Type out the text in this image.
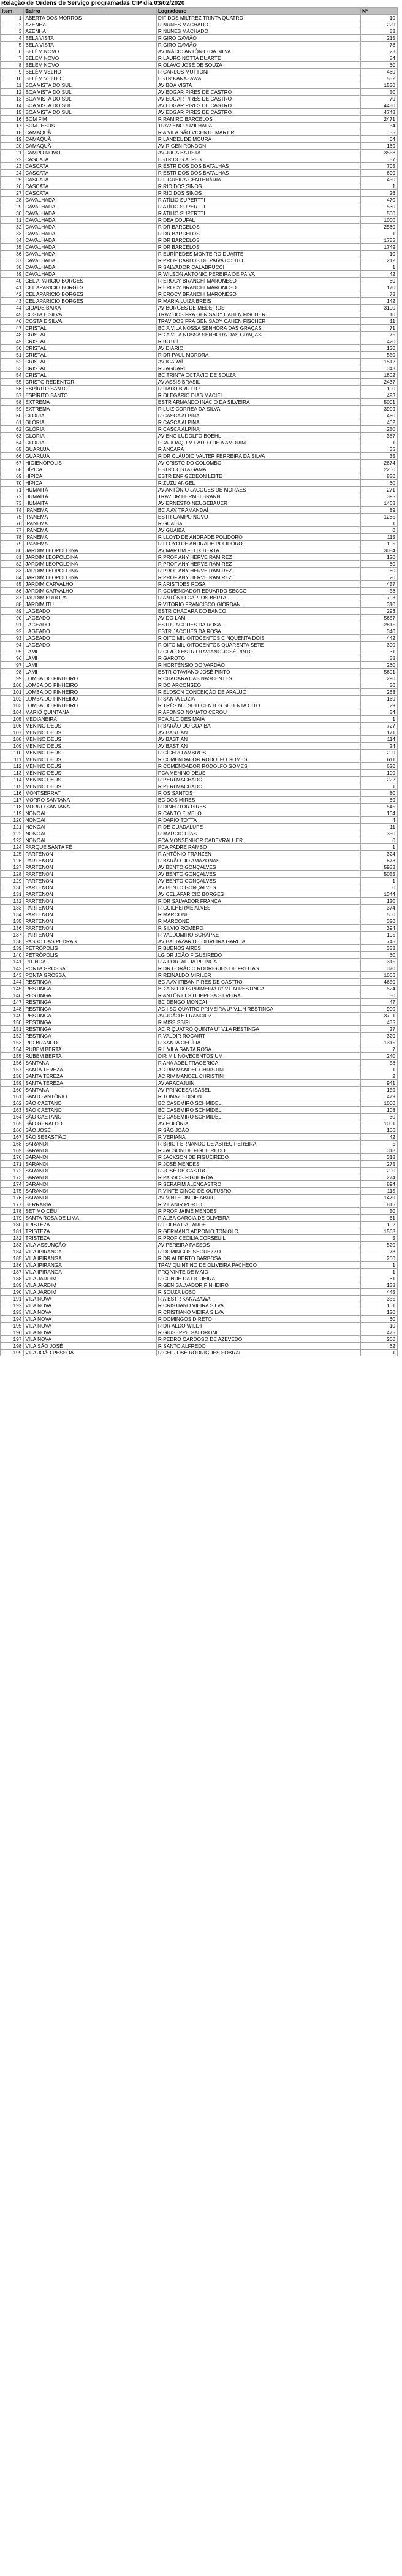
Relação de Ordens de Serviço programadas CIP dia 03/02/2020
Item	Bairro	Logradouro	Nº
1	ABERTA DOS MORROS	DIF DOS MILTREZ TRINTA QUATRO	10
2	AZENHA	R NUNES MACHADO	229
3	AZENHA	R NUNES MACHADO	53
4	BELA VISTA	R GIRO GAVIÃO	215
5	BELA VISTA	R GIRO GAVIÃO	78
6	BELÉM NOVO	AV INÁCIO ANTÔNIO DA SILVA	23
7	BELÉM NOVO	R LAURO NOTTA DUARTE	84
8	BELÉM NOVO	R OLAVO JOSÉ DE SOUZA	60
9	BELÉM VELHO	R CARLOS MUTTONI	460
10	BELÉM VELHO	ESTR KANAZAWA	552
11	BOA VISTA DO SUL	AV BOA VISTA	1530
12	BOA VISTA DO SUL	AV EDGAR PIRES DE CASTRO	50
13	BOA VISTA DO SUL	AV EDGAR PIRES DE CASTRO	79
14	BOA VISTA DO SUL	AV EDGAR PIRES DE CASTRO	4480
15	BOA VISTA DO SUL	AV EDGAR PIRES DE CASTRO	4748
16	BOM FIM	R RAMIRO BARCELOS	2471
17	BOM JESUS	TRAV ENCRUZILHADA	54
18	CAMAQUÃ	R A VILA SÃO VICENTE MARTIR	35
19	CAMAQUÃ	R LANDEL DE MOURA	64
20	CAMAQUÃ	AV R GEN RONDON	169
21	CAMPO NOVO	AV JUCA BATISTA	3558
22	CASCATA	ESTR DOS ALPES	57
23	CASCATA	R ESTR DOS DOS BATALHAS	705
24	CASCATA	R ESTR DOS DOS BATALHAS	690
25	CASCATA	R FIGUEIRA CENTENÁRIA	450
26	CASCATA	R RIO DOS SINOS	1
27	CASCATA	R RIO DOS SINOS	26
28	CAVALHADA	R ATÍLIO SUPERTTI	470
29	CAVALHADA	R ATÍLIO SUPERTTI	530
30	CAVALHADA	R ATÍLIO SUPERTTI	500
31	CAVALHADA	R DEA COUFAL	1000
32	CAVALHADA	R DR BARCELOS	2560
33	CAVALHADA	R DR BARCELOS	1
34	CAVALHADA	R DR BARCELOS	1755
35	CAVALHADA	R DR BARCELOS	1749
36	CAVALHADA	R EURÍPEDES MONTEIRO DUARTE	10
37	CAVALHADA	R PROF CARLOS DE PAIVA COUTO	212
38	CAVALHADA	R SALVADOR CALABRUCCI	1
39	CAVALHADA	R WILSON ANTONIO PEREIRA DE PAIVA	42
40	CEL APARICIO BORGES	R EROCY BRANCHI MARONESO	80
41	CEL APARICIO BORGES	R EROCY BRANCHI MARONESO	170
42	CEL APARICIO BORGES	R EROCY BRANCHI MARONESO	78
43	CEL APARICIO BORGES	R MARIA LUIZA BREIS	142
44	CIDADE BAIXA	AV BORGES DE MEDEIROS	3100
45	COSTA E SILVA	TRAV DOS FRA GEN SADY CAHEN FISCHER	10
46	COSTA E SILVA	TRAV DOS FRA GEN SADY CAHEN FISCHER	11
47	CRISTAL	BC A VILA NOSSA SENHORA DAS GRAÇAS	71
48	CRISTAL	BC A VILA NOSSA SENHORA DAS GRAÇAS	75
49	CRISTAL	R BUTUÍ	420
50	CRISTAL	AV DIÁRIO	130
51	CRISTAL	R DR PAUL MORDRA	550
52	CRISTAL	AV ICARAÍ	1512
53	CRISTAL	R JAGUARI	343
54	CRISTAL	BC TRINTA OCTÁVIO DE SOUZA	1602
55	CRISTO REDENTOR	AV ASSIS BRASIL	2437
56	ESPÍRITO SANTO	R ÍTALO BRUTTO	100
57	ESPÍRITO SANTO	R OLEGÁRIO DIAS MACIEL	493
58	EXTREMA	ESTR ARMANDO INÁCIO DA SILVEIRA	5001
59	EXTREMA	R LUIZ CORREA DA SILVA	3909
60	GLÓRIA	R CASCA ALPINA	460
61	GLÓRIA	R CASCA ALPINA	402
62	GLÓRIA	R CASCA ALPINA	250
63	GLÓRIA	AV ENG LUDOLFO BOEHL	387
64	GLÓRIA	PCA JOAQUIM PAULO DE A AMORIM	1
65	GUARUJÁ	R ANCARA	35
66	GUARUJÁ	R DR CLÁUDIO VALTER FERREIRA DA SILVA	35
67	HIGIENÓPOLIS	AV CRISTO DO COLOMBO	2674
68	HÍPICA	ESTR COSTA GAMA	2200
69	HÍPICA	ESTR ENF GEDEON LEITE	850
70	HÍPICA	R ZUZU ANGEL	60
71	HUMAITÁ	AV ANTÔNIO JACOUES DE MORAES	271
72	HUMAITÁ	TRAV DR HERMELBRANN	395
73	HUMAITÁ	AV ERNESTO NEUGEBAUER	1468
74	IPANEMA	BC A AV TRAMANDAÍ	89
75	IPANEMA	ESTR CAMPO NOVO	1285
76	IPANEMA	R GUAÍBA	1
77	IPANEMA	AV GUAÍBA	0
78	IPANEMA	R LLOYD DE ANDRADE POLIDORO	115
79	IPANEMA	R LLOYD DE ANDRADE POLIDORO	105
80	JARDIM LEOPOLDINA	AV MARTIM FELIX BERTA	3084
81	JARDIM LEOPOLDINA	R PROF ANY HERVE RAMIREZ	120
82	JARDIM LEOPOLDINA	R PROF ANY HERVE RAMIREZ	80
83	JARDIM LEOPOLDINA	R PROF ANY HERVE RAMIREZ	60
84	JARDIM LEOPOLDINA	R PROF ANY HERVE RAMIREZ	20
85	JARDIM CARVALHO	R ARISTIDES ROSA	457
86	JARDIM CARVALHO	R COMENDADOR EDUARDO SECCO	58
87	JARDIM EUROPA	R ANTÔNIO CARLOS BERTA	793
88	JARDIM ITU	R VITORIO FRANCISCO GIORDANI	310
89	LAGEADO	ESTR CHACARA DO BANCO	293
90	LAGEADO	AV DO LAMI	5657
91	LAGEADO	ESTR JACOUES DA ROSA	2815
92	LAGEADO	ESTR JACOUES DA ROSA	340
93	LAGEADO	R OITO MIL OITOCENTOS CINQUENTA DOIS	442
94	LAGEADO	R OITO MIL OITOCENTOS QUARENTA SETE	300
95	LAMI	R CIRCO ESTR OTAVIANO JOSÉ PINTO	31
96	LAMI	R GAROTO	58
97	LAMI	R HORTÊNSIO DO VARDÃO	260
98	LAMI	ESTR OTAVIANO JOSÉ PINTO	5601
99	LOMBA DO PINHEIRO	R CHACARA DAS NASCENTES	290
100	LOMBA DO PINHEIRO	R DO ARCONSEO	50
101	LOMBA DO PINHEIRO	R ELDSON CONCEIÇÃO DE ARAÚJO	263
102	LOMBA DO PINHEIRO	R SANTA LUZIA	169
103	LOMBA DO PINHEIRO	R TRÊS MIL SETECENTOS SETENTA OITO	29
104	MARIO QUINTANA	R AFONSO NONATO CEROU	54
105	MEDIANEIRA	PCA ALCIDES MAIA	1
106	MENINO DEUS	R BARÃO DO GUAÍBA	727
107	MENINO DEUS	AV BASTIAN	171
108	MENINO DEUS	AV BASTIAN	114
109	MENINO DEUS	AV BASTIAN	24
110	MENINO DEUS	R CÍCERO AMBROS	209
111	MENINO DEUS	R COMENDADOR RODOLFO GOMES	611
112	MENINO DEUS	R COMENDADOR RODOLFO GOMES	620
113	MENINO DEUS	PCA MENINO DEUS	100
114	MENINO DEUS	R PERI MACHADO	222
115	MENINO DEUS	R PERI MACHADO	1
116	MONTSERRAT	R OS SANTOS	80
117	MORRO SANTANA	BC DOS MIRES	89
118	MORRO SANTANA	R DINERTOR PIRES	545
119	NONOAI	R CANTO E MELO	164
120	NONOAI	R DARIO TOTTA	4
121	NONOAI	R DE GUADALUPE	11
122	NONOAI	R MARCIO DIAS	350
123	NONOAI	PCA MONSENHOR CADEVRALHER	0
124	PARQUE SANTA FÉ	PCA PADRE RAMBO	1
125	PARTENON	R ANTÔNIO FRANZEN	324
126	PARTENON	R BARÃO DO AMAZONAS	673
127	PARTENON	AV BENTO GONÇALVES	5933
128	PARTENON	AV BENTO GONÇALVES	5055
129	PARTENON	AV BENTO GONÇALVES	1
130	PARTENON	AV BENTO GONÇALVES	0
131	PARTENON	AV CEL APARICIO BORGES	1344
132	PARTENON	R DR SALVADOR FRANÇA	120
133	PARTENON	R GUILHERME ALVES	374
134	PARTENON	R MARCONE	500
135	PARTENON	R MARCONE	320
136	PARTENON	R SILVIO ROMERO	394
137	PARTENON	R VALDOMIRO SCHAPKE	195
138	PASSO DAS PEDRAS	AV BALTAZAR DE OLIVEIRA GARCIA	745
139	PETRÓPOLIS	R BUENOS AIRES	333
140	PETRÓPOLIS	LG DR JOÃO FIGUEIREDO	60
141	PITINGA	R A PORTAL DA PITINGA	315
142	PONTA GROSSA	R DR HORÁCIO RODRIGUES DE FREITAS	370
143	PONTA GROSSA	R REINALDO MIRILER	1066
144	RESTINGA	BC A AV ITIBAN PIRES DE CASTRO	4650
145	RESTINGA	BC A SO DOS PRIMEIRA U° V.L.N RESTINGA	524
146	RESTINGA	R ANTÔNIO GIUDPPESA SILVEIRA	50
147	RESTINGA	BC DENGO MONCAI	47
148	RESTINGA	AC I SO QUATRO PRIMEIRA U° V.L.N RESTINGA	900
149	RESTINGA	AV JOÃO E FRANCIOZ	3791
150	RESTINGA	R MISSISSIPI	435
151	RESTINGA	AC R QUATRO QUINTA U° V.LA RESTINGA	27
152	RESTINGA	R VALDIR ROCAIRT	320
153	RIO BRANCO	R SANTA CECÍLIA	1315
154	RUBEM BERTA	R L VILA SANTA ROSA	7
155	RUBEM BERTA	DIR MIL NOVECENTOS UM	240
156	SANTANA	R ANA ADEL FRAGERICA	58
157	SANTA TEREZA	AC RIV MANOEL CHRISTINI	1
158	SANTA TEREZA	AC RIV MANOEL CHRISTINI	2
159	SANTA TEREZA	AV ARACAJUIN	941
160	SANTANA	AV PRINCESA ISABEL	159
161	SANTO ANTÔNIO	R TOMAZ EDISON	479
162	SÃO CAETANO	BC CASEMIRO SCHMIDEL	1000
163	SÃO CAETANO	BC CASEMIRO SCHMIDEL	108
164	SÃO CAETANO	BC CASEMIRO SCHMIDEL	30
165	SÃO GERALDO	AV POLÔNIA	1001
166	SÃO JOSÉ	R SÃO JOÃO	106
167	SÃO SEBASTIÃO	R VERIANA	42
168	SARANDI	R BRIG FERNANDO DE ABREU PEREIRA	5
169	SARANDI	R JACSON DE FIGUEIREDO	318
170	SARANDI	R JACKSON DE FIGUEIREDO	318
171	SARANDI	R JOSÉ MENDES	275
172	SARANDI	R JOSÉ DE CASTRO	200
173	SARANDI	R PASSOS FIGUEIRÓA	274
174	SARANDI	R SERAFIM ALENCASTRO	894
175	SARANDI	R VINTE CINCO DE OUTUBRO	115
176	SARANDI	AV VINTE UM DE ABRIL	1479
177	SERRARIA	R VILANIR PORTO	815
178	SÉTIMO CÉU	R PROF JAIME MENDES	50
179	SANTA ROSA DE LIMA	R ALBA GARCIA DE OLIVEIRA	61
180	TRISTEZA	R FOLHA DA TARDE	102
181	TRISTEZA	R GERMANO ADRONIO TONIOLO	1568
182	TRISTEZA	R PROF CECILIA CORSEUIL	5
183	VILA ASSUNÇÃO	AV PEREIRA PASSOS	520
184	VILA IPIRANGA	R DOMINGOS SEGUEZZO	78
185	VILA IPIRANGA	R DR ALBERTO BARBOSA	200
186	VILA IPIRANGA	TRAV QUINTINO DE OLIVEIRA PACHECO	1
187	VILA IPIRANGA	PRQ VINTE DE MAIO	1
188	VILA JARDIM	R CONDE DA FIGUEIRA	81
189	VILA JARDIM	R GEN SALVADOR PINHEIRO	158
190	VILA JARDIM	R SOUZA LOBO	445
191	VILA NOVA	R A ESTR KANAZAWA	355
192	VILA NOVA	R CRISTIANO VIEIRA SILVA	101
193	VILA NOVA	R CRISTIANO VIEIRA SILVA	120
194	VILA NOVA	R DOMINGOS DIRETO	60
195	VILA NOVA	R DR ALDO WILDT	10
196	VILA NOVA	R GIUSEPPE GALORONI	475
197	VILA NOVA	R PEDRO CARDOSO DE AZEVEDO	260
198	VILA SÃO JOSÉ	R SANTO ALFREDO	62
199	VILA JOÃO PESSOA	R CEL JOSÉ RODRIGUES SOBRAL	1
